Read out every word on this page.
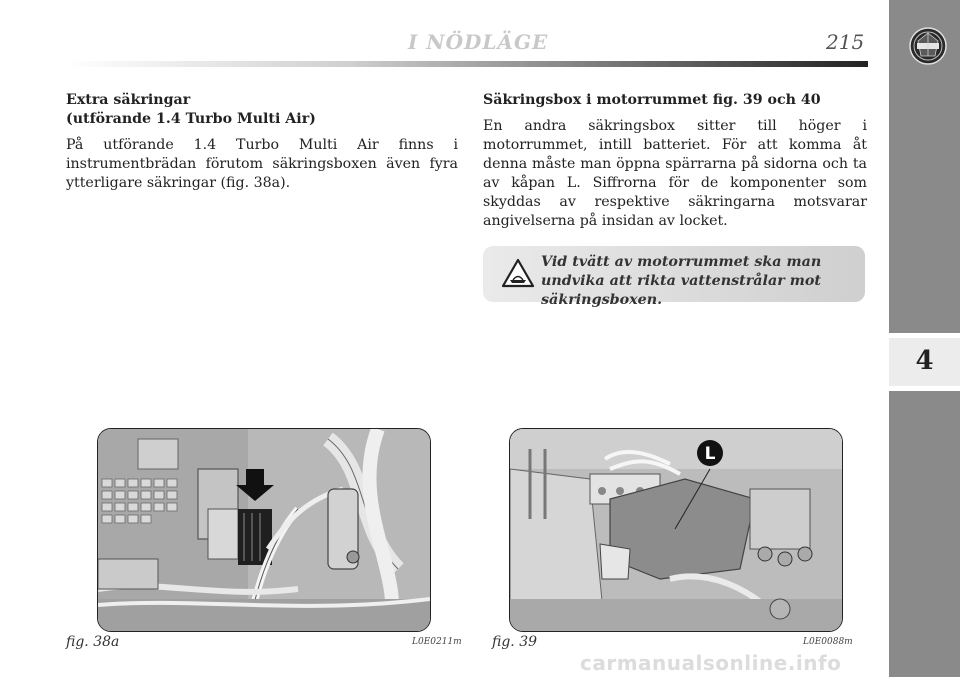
I NÖDLÄGE	215
4
Extra säkringar
(utförande 1.4 Turbo Multi Air)

På utförande 1.4 Turbo Multi Air finns i instrumentbrädan förutom säkringsboxen även fyra ytterligare säkringar (fig. 38a).

Säkringsbox i motorrummet fig. 39 och 40

En andra säkringsbox sitter till höger i motorrummet, intill batteriet. För att komma åt denna måste man öppna spärrarna på sidorna och ta av kåpan L. Siffrorna för de komponenter som skyddas av respektive säkringarna motsvarar angivelserna på insidan av locket.

Vid tvätt av motorrummet ska man undvika att rikta vattenstrålar mot säkringsboxen.
fig. 38a	L0E0211m
L
fig. 39	L0E0088m
carmanualsonline.info
